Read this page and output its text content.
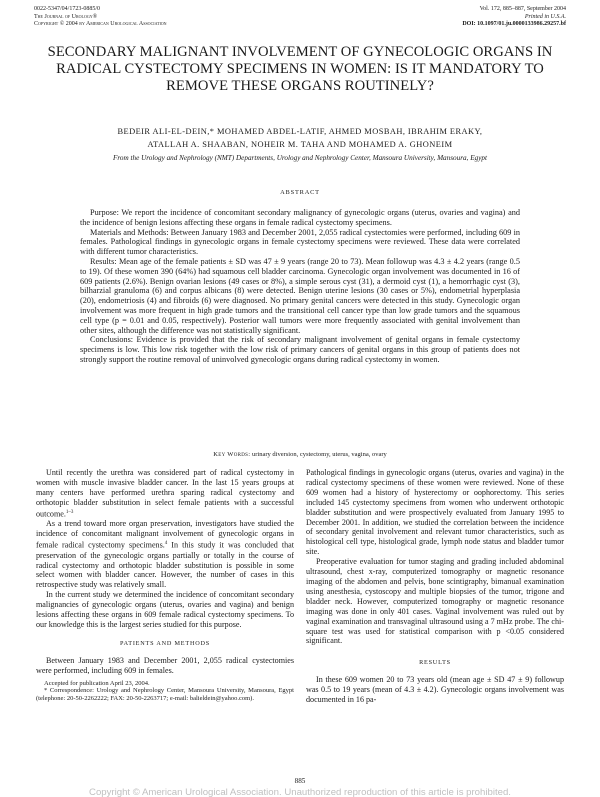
0022-5347/04/1723-0885/0
The Journal of Urology®
Copyright © 2004 by American Urological Association
Vol. 172, 885–887, September 2004
Printed in U.S.A.
DOI: 10.1097/01.ju.0000133986.29257.bf
SECONDARY MALIGNANT INVOLVEMENT OF GYNECOLOGIC ORGANS IN RADICAL CYSTECTOMY SPECIMENS IN WOMEN: IS IT MANDATORY TO REMOVE THESE ORGANS ROUTINELY?
BEDEIR ALI-EL-DEIN,* MOHAMED ABDEL-LATIF, AHMED MOSBAH, IBRAHIM ERAKY,
ATALLAH A. SHAABAN, NOHEIR M. TAHA AND MOHAMED A. GHONEIM
From the Urology and Nephrology (NMT) Departments, Urology and Nephrology Center, Mansoura University, Mansoura, Egypt
ABSTRACT

Purpose: We report the incidence of concomitant secondary malignancy of gynecologic organs (uterus, ovaries and vagina) and the incidence of benign lesions affecting these organs in female radical cystectomy specimens.

Materials and Methods: Between January 1983 and December 2001, 2,055 radical cystectomies were performed, including 609 in females. Pathological findings in gynecologic organs in female cystectomy specimens were reviewed. These data were correlated with different tumor characteristics.

Results: Mean age of the female patients ± SD was 47 ± 9 years (range 20 to 73). Mean followup was 4.3 ± 4.2 years (range 0.5 to 19). Of these women 390 (64%) had squamous cell bladder carcinoma. Gynecologic organ involvement was documented in 16 of 609 patients (2.6%). Benign ovarian lesions (49 cases or 8%), a simple serous cyst (31), a dermoid cyst (1), a hemorrhagic cyst (3), bilharzial granuloma (6) and corpus albicans (8) were detected. Benign uterine lesions (30 cases or 5%), endometrial hyperplasia (20), endometriosis (4) and fibroids (6) were diagnosed. No primary genital cancers were detected in this study. Gynecologic organ involvement was more frequent in high grade tumors and the transitional cell cancer type than low grade tumors and the squamous cell type (p = 0.01 and 0.05, respectively). Posterior wall tumors were more frequently associated with genital involvement than other sites, although the difference was not statistically significant.

Conclusions: Evidence is provided that the risk of secondary malignant involvement of genital organs in female cystectomy specimens is low. This low risk together with the low risk of primary cancers of genital organs in this group of patients does not strongly support the routine removal of uninvolved gynecologic organs during radical cystectomy in women.

Key Words: urinary diversion, cystectomy, uterus, vagina, ovary

Until recently the urethra was considered part of radical cystectomy in women with muscle invasive bladder cancer. In the last 15 years groups at many centers have performed urethra sparing radical cystectomy and orthotopic bladder substitution in select female patients with a successful outcome.$^{1-3}$

As a trend toward more organ preservation, investigators have studied the incidence of concomitant malignant involvement of gynecologic organs in female radical cystectomy specimens.$^4$ In this study it was concluded that preservation of the gynecologic organs partially or totally in the course of radical cystectomy and orthotopic bladder substitution is possible in some select women with bladder cancer. However, the number of cases in this retrospective study was relatively small.

In the current study we determined the incidence of concomitant secondary malignancies of gynecologic organs (uterus, ovaries and vagina) and benign lesions affecting these organs in 609 female radical cystectomy specimens. To our knowledge this is the largest series studied for this purpose.

PATIENTS AND METHODS

Between January 1983 and December 2001, 2,055 radical cystectomies were performed, including 609 in females.

Accepted for publication April 23, 2004.
* Correspondence: Urology and Nephrology Center, Mansoura University, Mansoura, Egypt (telephone: 20-50-2262222; FAX: 20-50-2263717; e-mail: balieldein@yahoo.com).

Pathological findings in gynecologic organs (uterus, ovaries and vagina) in the radical cystectomy specimens of these women were reviewed. None of these 609 women had a history of hysterectomy or oophorectomy. This series included 145 cystectomy specimens from women who underwent orthotopic bladder substitution and were prospectively evaluated from January 1995 to December 2001. In addition, we studied the correlation between the incidence of secondary genital involvement and relevant tumor characteristics, such as histological cell type, histological grade, lymph node status and bladder tumor site.

Preoperative evaluation for tumor staging and grading included abdominal ultrasound, chest x-ray, computerized tomography or magnetic resonance imaging of the abdomen and pelvis, bone scintigraphy, bimanual examination using anesthesia, cystoscopy and multiple biopsies of the tumor, trigone and bladder neck. However, computerized tomography or magnetic resonance imaging was done in only 401 cases. Vaginal involvement was ruled out by vaginal examination and transvaginal ultrasound using a 7 mHz probe. The chi-square test was used for statistical comparison with p <0.05 considered significant.

RESULTS

In these 609 women 20 to 73 years old (mean age ± SD 47 ± 9) followup was 0.5 to 19 years (mean of 4.3 ± 4.2). Gynecologic organs involvement was documented in 16 pa-

885
Copyright © American Urological Association. Unauthorized reproduction of this article is prohibited.
